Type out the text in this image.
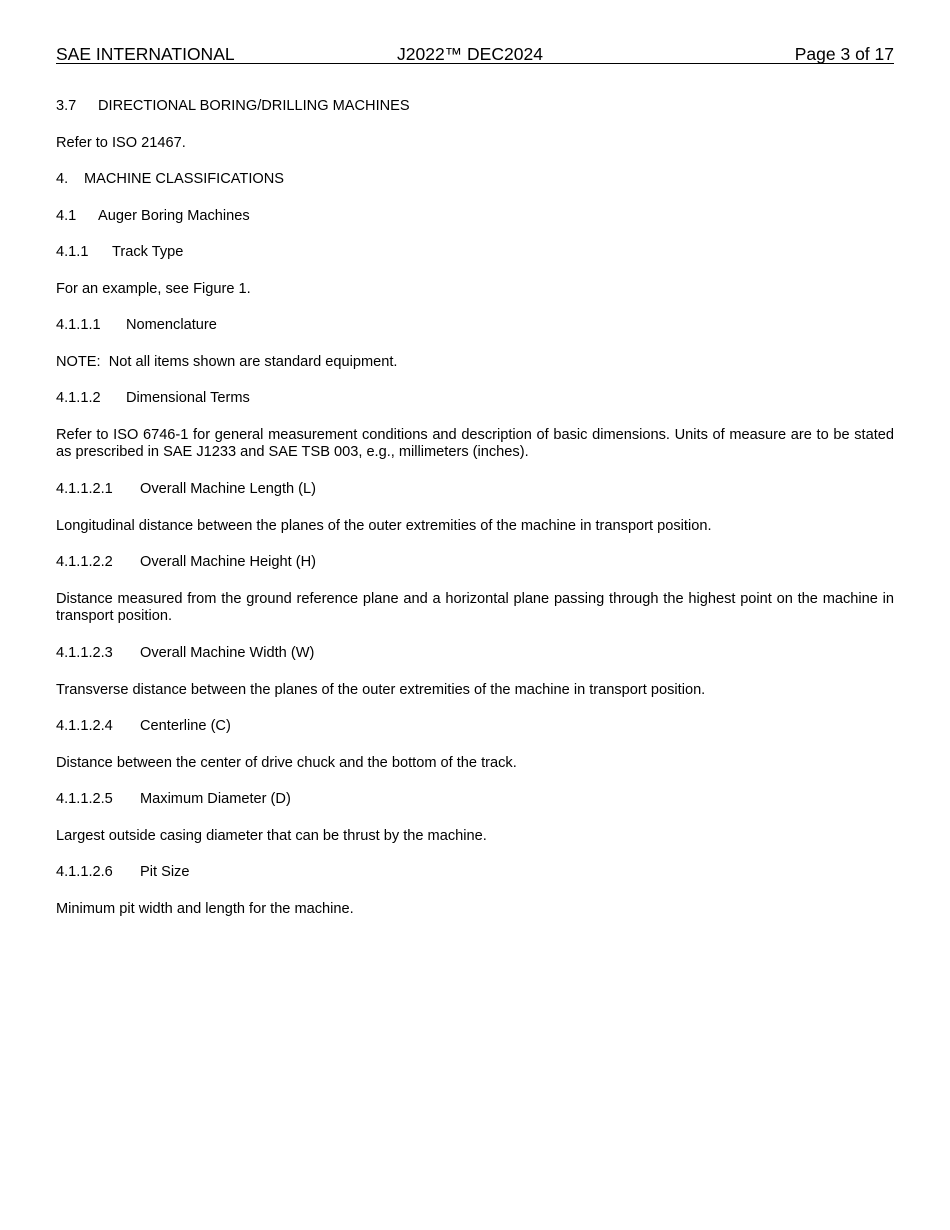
SAE INTERNATIONAL	J2022™ DEC2024	Page 3 of 17

3.7 DIRECTIONAL BORING/DRILLING MACHINES

Refer to ISO 21467.

4. MACHINE CLASSIFICATIONS

4.1 Auger Boring Machines

4.1.1 Track Type

For an example, see Figure 1.

4.1.1.1 Nomenclature

NOTE:  Not all items shown are standard equipment.

4.1.1.2 Dimensional Terms

Refer to ISO 6746-1 for general measurement conditions and description of basic dimensions. Units of measure are to be stated as prescribed in SAE J1233 and SAE TSB 003, e.g., millimeters (inches).

4.1.1.2.1 Overall Machine Length (L)

Longitudinal distance between the planes of the outer extremities of the machine in transport position.

4.1.1.2.2 Overall Machine Height (H)

Distance measured from the ground reference plane and a horizontal plane passing through the highest point on the machine in transport position.

4.1.1.2.3 Overall Machine Width (W)

Transverse distance between the planes of the outer extremities of the machine in transport position.

4.1.1.2.4 Centerline (C)

Distance between the center of drive chuck and the bottom of the track.

4.1.1.2.5 Maximum Diameter (D)

Largest outside casing diameter that can be thrust by the machine.

4.1.1.2.6 Pit Size

Minimum pit width and length for the machine.
